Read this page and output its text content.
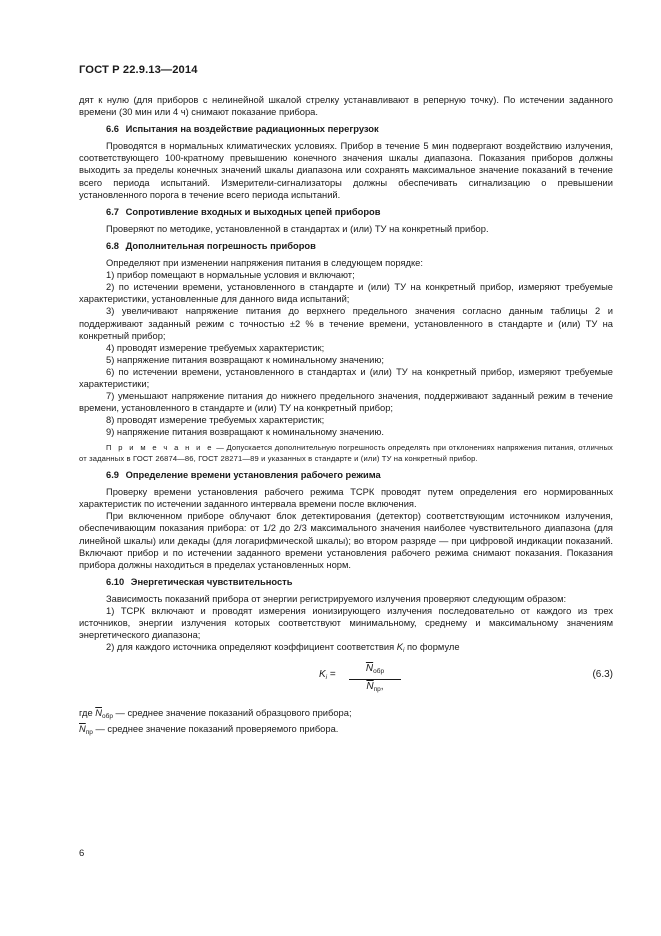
ГОСТ Р 22.9.13—2014

дят к нулю (для приборов с нелинейной шкалой стрелку устанавливают в реперную точку). По истечении заданного времени (30 мин или 4 ч) снимают показание прибора.

6.6 Испытания на воздействие радиационных перегрузок

Проводятся в нормальных климатических условиях. Прибор в течение 5 мин подвергают воздействию излучения, соответствующего 100-кратному превышению конечного значения шкалы диапазона. Показания приборов должны выходить за пределы конечных значений шкалы диапазона или сохранять максимальное значение показаний в течение всего периода испытаний. Измерители-сигнализаторы должны обеспечивать сигнализацию о превышении установленного порога в течение всего периода испытаний.

6.7 Сопротивление входных и выходных цепей приборов

Проверяют по методике, установленной в стандартах и (или) ТУ на конкретный прибор.

6.8 Дополнительная погрешность приборов

Определяют при изменении напряжения питания в следующем порядке:

1) прибор помещают в нормальные условия и включают;

2) по истечении времени, установленного в стандарте и (или) ТУ на конкретный прибор, измеряют требуемые характеристики, установленные для данного вида испытаний;

3) увеличивают напряжение питания до верхнего предельного значения согласно данным таблицы 2 и поддерживают заданный режим с точностью ±2 % в течение времени, установленного в стандарте и (или) ТУ на конкретный прибор;

4) проводят измерение требуемых характеристик;

5) напряжение питания возвращают к номинальному значению;

6) по истечении времени, установленного в стандартах и (или) ТУ на конкретный прибор, измеряют требуемые характеристики;

7) уменьшают напряжение питания до нижнего предельного значения, поддерживают заданный режим в течение времени, установленного в стандарте и (или) ТУ на конкретный прибор;

8) проводят измерение требуемых характеристик;

9) напряжение питания возвращают к номинальному значению.

П р и м е ч а н и е — Допускается дополнительную погрешность определять при отклонениях напряжения питания, отличных от заданных в ГОСТ 26874—86, ГОСТ 28271—89 и указанных в стандарте и (или) ТУ на конкретный прибор.

6.9 Определение времени установления рабочего режима

Проверку времени установления рабочего режима ТСРК проводят путем определения его нормированных характеристик по истечении заданного интервала времени после включения.

При включенном приборе облучают блок детектирования (детектор) соответствующим источником излучения, обеспечивающим показания прибора: от 1/2 до 2/3 максимального значения наиболее чувствительного диапазона (для линейной шкалы) или декады (для логарифмической шкалы); во втором разряде — при цифровой индикации показаний. Включают прибор и по истечении заданного времени установления рабочего режима снимают показания. Показания прибора должны находиться в пределах установленных норм.

6.10 Энергетическая чувствительность

Зависимость показаний прибора от энергии регистрируемого излучения проверяют следующим образом:

1) ТСРК включают и проводят измерения ионизирующего излучения последовательно от каждого из трех источников, энергии излучения которых соответствуют минимальному, среднему и максимальному значениям энергетического диапазона;

2) для каждого источника определяют коэффициент соответствия $K_i$ по формуле

$K_i$ =
$\overline{N}_{обр}$
$\overline{N}_{пр}$,
(6.3)

где $\overline{N}_{обр}$ — среднее значение показаний образцового прибора;

$\overline{N}_{пр}$ — среднее значение показаний проверяемого прибора.

6
